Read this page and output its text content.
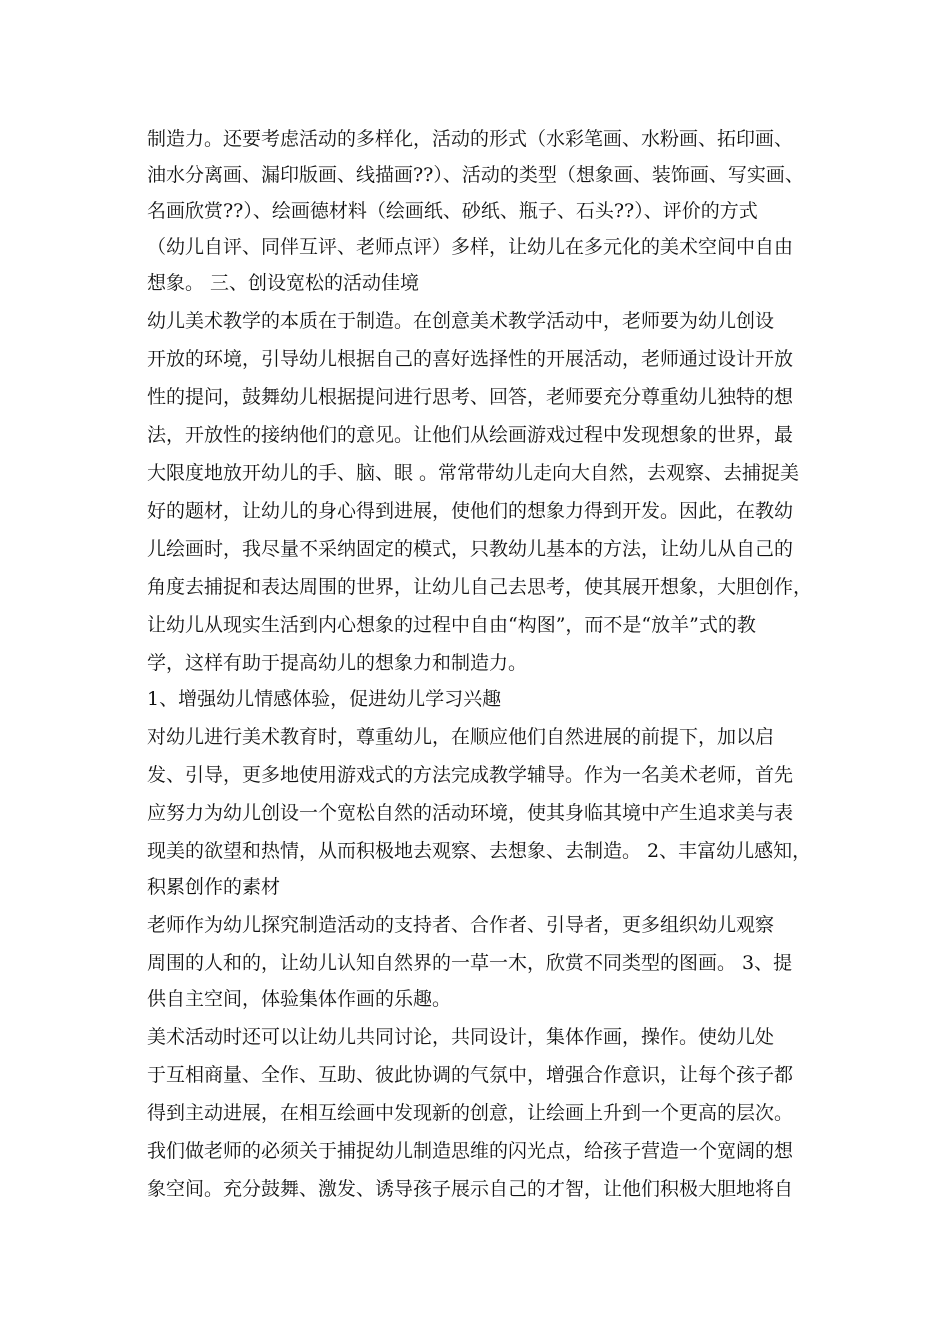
制造力。还要考虑活动的多样化，活动的形式（水彩笔画、水粉画、拓印画、
油水分离画、漏印版画、线描画??）、活动的类型（想象画、装饰画、写实画、
名画欣赏??）、绘画德材料（绘画纸、砂纸、瓶子、石头??）、评价的方式
（幼儿自评、同伴互评、老师点评）多样，让幼儿在多元化的美术空间中自由
想象。 三、创设宽松的活动佳境
幼儿美术教学的本质在于制造。在创意美术教学活动中，老师要为幼儿创设
开放的环境，引导幼儿根据自己的喜好选择性的开展活动，老师通过设计开放
性的提问，鼓舞幼儿根据提问进行思考、回答，老师要充分尊重幼儿独特的想
法，开放性的接纳他们的意见。让他们从绘画游戏过程中发现想象的世界，最
大限度地放开幼儿的手、脑、眼 。常常带幼儿走向大自然，去观察、去捕捉美
好的题材，让幼儿的身心得到进展，使他们的想象力得到开发。因此，在教幼
儿绘画时，我尽量不采纳固定的模式，只教幼儿基本的方法，让幼儿从自己的
角度去捕捉和表达周围的世界，让幼儿自己去思考，使其展开想象，大胆创作，
让幼儿从现实生活到内心想象的过程中自由“构图”，而不是“放羊”式的教
学，这样有助于提高幼儿的想象力和制造力。
1、增强幼儿情感体验，促进幼儿学习兴趣
对幼儿进行美术教育时，尊重幼儿，在顺应他们自然进展的前提下，加以启
发、引导，更多地使用游戏式的方法完成教学辅导。作为一名美术老师，首先
应努力为幼儿创设一个宽松自然的活动环境，使其身临其境中产生追求美与表
现美的欲望和热情，从而积极地去观察、去想象、去制造。 2、丰富幼儿感知，
积累创作的素材
老师作为幼儿探究制造活动的支持者、合作者、引导者，更多组织幼儿观察
周围的人和的，让幼儿认知自然界的一草一木，欣赏不同类型的图画。 3、提
供自主空间，体验集体作画的乐趣。
美术活动时还可以让幼儿共同讨论，共同设计，集体作画，操作。使幼儿处
于互相商量、全作、互助、彼此协调的气氛中，增强合作意识，让每个孩子都
得到主动进展，在相互绘画中发现新的创意，让绘画上升到一个更高的层次。
我们做老师的必须关于捕捉幼儿制造思维的闪光点，给孩子营造一个宽阔的想
象空间。充分鼓舞、激发、诱导孩子展示自己的才智，让他们积极大胆地将自
